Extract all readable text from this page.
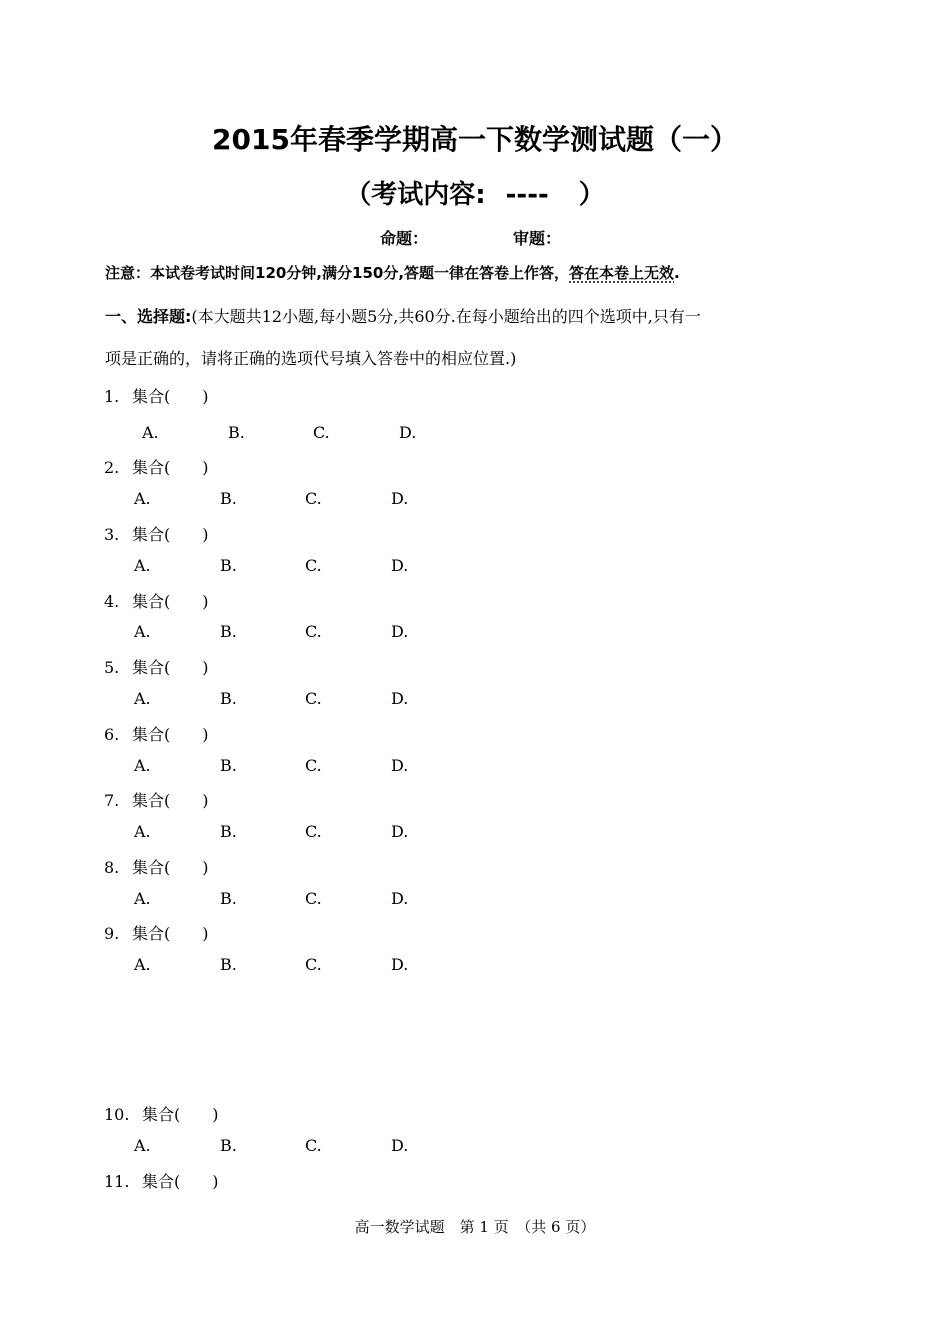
2015年春季学期高一下数学测试题（一）
（考试内容: ---- ）
命题：	审题：
注意：本试卷考试时间120分钟,满分150分,答题一律在答卷上作答，答在本卷上无效.
一、选择题:(本大题共12小题,每小题5分,共60分.在每小题给出的四个选项中,只有一
项是正确的，请将正确的选项代号填入答卷中的相应位置.)
1. 集合(　　)
A.	B.	C.	D.
2. 集合(　　)
A.	B.	C.	D.
3. 集合(　　)
A.	B.	C.	D.
4. 集合(　　)
A.	B.	C.	D.
5. 集合(　　)
A.	B.	C.	D.
6. 集合(　　)
A.	B.	C.	D.
7. 集合(　　)
A.	B.	C.	D.
8. 集合(　　)
A.	B.	C.	D.
9. 集合(　　)
A.	B.	C.	D.
10. 集合(　　)
A.	B.	C.	D.
11. 集合(　　)
高一数学试题　第 1 页　（共 6 页）
